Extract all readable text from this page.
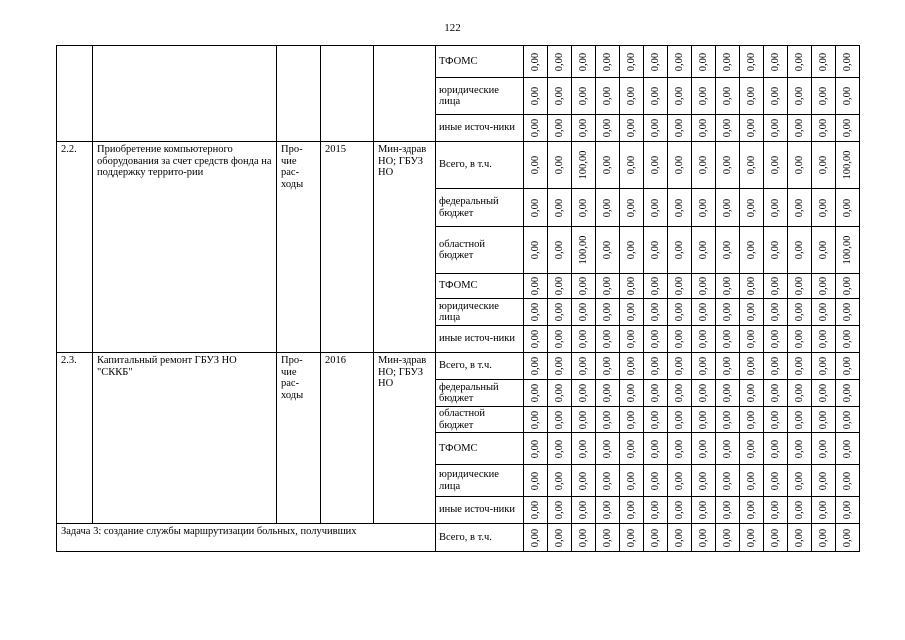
122
					ТФОМС	0,00	0,00	0,00	0,00	0,00	0,00	0,00	0,00	0,00	0,00	0,00	0,00	0,00	0,00

					юридические лица	0,00	0,00	0,00	0,00	0,00	0,00	0,00	0,00	0,00	0,00	0,00	0,00	0,00	0,00

					иные источ-ники	0,00	0,00	0,00	0,00	0,00	0,00	0,00	0,00	0,00	0,00	0,00	0,00	0,00	0,00

2.2.	Приобретение компьютерного оборудования за счет средств фонда на поддержку террито-рии	Про-чие рас-ходы	2015	Мин-здрав НО; ГБУЗ НО	Всего, в т.ч.	0,00	0,00	100,00	0,00	0,00	0,00	0,00	0,00	0,00	0,00	0,00	0,00	0,00	100,00

					федеральный бюджет	0,00	0,00	0,00	0,00	0,00	0,00	0,00	0,00	0,00	0,00	0,00	0,00	0,00	0,00

					областной бюджет	0,00	0,00	100,00	0,00	0,00	0,00	0,00	0,00	0,00	0,00	0,00	0,00	0,00	100,00

					ТФОМС	0,00	0,00	0,00	0,00	0,00	0,00	0,00	0,00	0,00	0,00	0,00	0,00	0,00	0,00

					юридические лица	0,00	0,00	0,00	0,00	0,00	0,00	0,00	0,00	0,00	0,00	0,00	0,00	0,00	0,00

					иные источ-ники	0,00	0,00	0,00	0,00	0,00	0,00	0,00	0,00	0,00	0,00	0,00	0,00	0,00	0,00

2.3.	Капитальный ремонт ГБУЗ НО "СККБ"	Про-чие рас-ходы	2016	Мин-здрав НО; ГБУЗ НО	Всего, в т.ч.	0,00	0,00	0,00	0,00	0,00	0,00	0,00	0,00	0,00	0,00	0,00	0,00	0,00	0,00

					федеральный бюджет	0,00	0,00	0,00	0,00	0,00	0,00	0,00	0,00	0,00	0,00	0,00	0,00	0,00	0,00

					областной бюджет	0,00	0,00	0,00	0,00	0,00	0,00	0,00	0,00	0,00	0,00	0,00	0,00	0,00	0,00

					ТФОМС	0,00	0,00	0,00	0,00	0,00	0,00	0,00	0,00	0,00	0,00	0,00	0,00	0,00	0,00

					юридические лица	0,00	0,00	0,00	0,00	0,00	0,00	0,00	0,00	0,00	0,00	0,00	0,00	0,00	0,00

					иные источ-ники	0,00	0,00	0,00	0,00	0,00	0,00	0,00	0,00	0,00	0,00	0,00	0,00	0,00	0,00

Задача 3: создание службы маршрутизации больных, получивших					Всего, в т.ч.	0,00	0,00	0,00	0,00	0,00	0,00	0,00	0,00	0,00	0,00	0,00	0,00	0,00	0,00
